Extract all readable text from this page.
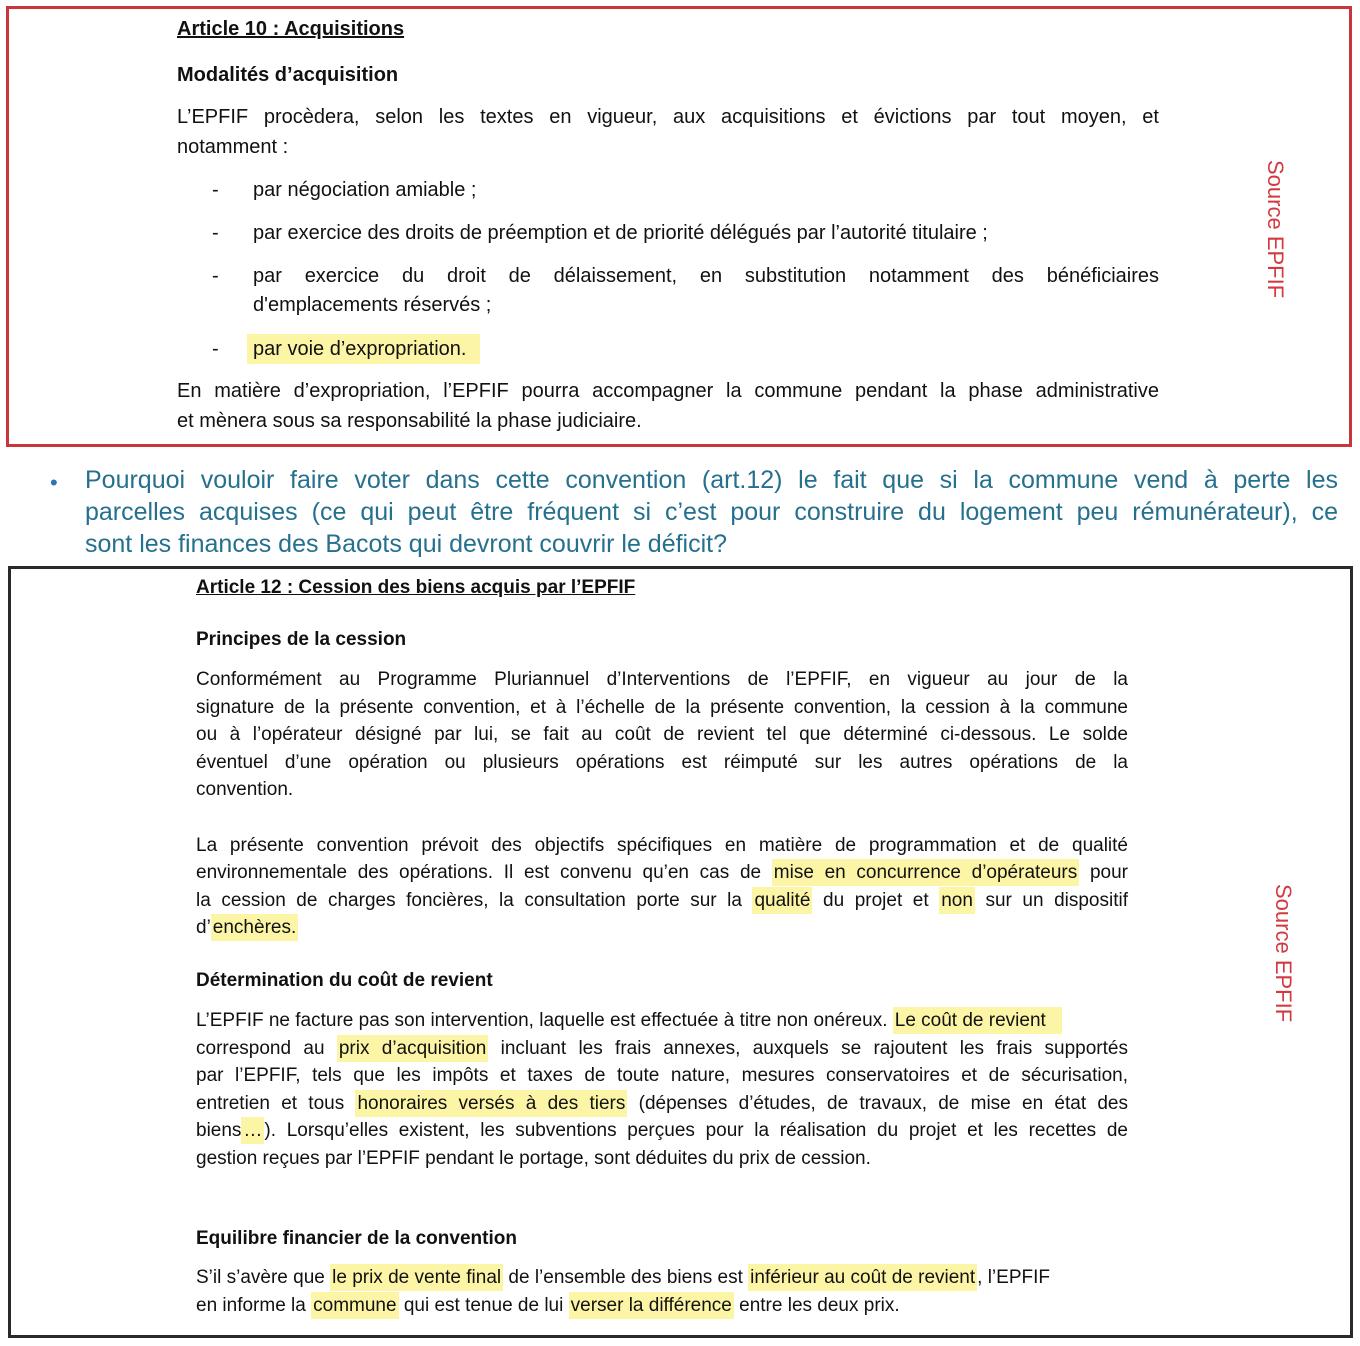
Article 10 : Acquisitions
Modalités d’acquisition
L’EPFIF procèdera, selon les textes en vigueur, aux acquisitions et évictions par tout moyen, et
notamment :
- par négociation amiable ;
- par exercice des droits de préemption et de priorité délégués par l’autorité titulaire ;
- par exercice du droit de délaissement, en substitution notamment des bénéficiaires
d'emplacements réservés ;
-	par voie d’expropriation.
En matière d’expropriation, l’EPFIF pourra accompagner la commune pendant la phase administrative
et mènera sous sa responsabilité la phase judiciaire.
Source EPFIF
• Pourquoi vouloir faire voter dans cette convention (art.12) le fait que si la commune vend à perte les
parcelles acquises (ce qui peut être fréquent si c’est pour construire du logement peu rémunérateur), ce
sont les finances des Bacots qui devront couvrir le déficit?
Article 12 : Cession des biens acquis par l’EPFIF
Principes de la cession
Conformément au Programme Pluriannuel d’Interventions de l’EPFIF, en vigueur au jour de la
signature de la présente convention, et à l’échelle de la présente convention, la cession à la commune
ou à l’opérateur désigné par lui, se fait au coût de revient tel que déterminé ci-dessous. Le solde
éventuel d’une opération ou plusieurs opérations est réimputé sur les autres opérations de la
convention.
La présente convention prévoit des objectifs spécifiques en matière de programmation et de qualité
environnementale des opérations. Il est convenu qu’en cas de mise en concurrence d’opérateurs pour
la cession de charges foncières, la consultation porte sur la qualité du projet et non sur un dispositif
d’ enchères.
Détermination du coût de revient
L’EPFIF ne facture pas son intervention, laquelle est effectuée à titre non onéreux. Le coût de revient
correspond au prix d’acquisition incluant les frais annexes, auxquels se rajoutent les frais supportés
par l’EPFIF, tels que les impôts et taxes de toute nature, mesures conservatoires et de sécurisation,
entretien et tous honoraires versés à des tiers (dépenses d’études, de travaux, de mise en état des
biens … ). Lorsqu’elles existent, les subventions perçues pour la réalisation du projet et les recettes de
gestion reçues par l’EPFIF pendant le portage, sont déduites du prix de cession.
Equilibre financier de la convention
S’il s’avère que le prix de vente final de l’ensemble des biens est inférieur au coût de revient , l’EPFIF
en informe la commune qui est tenue de lui verser la différence entre les deux prix.
Source EPFIF
